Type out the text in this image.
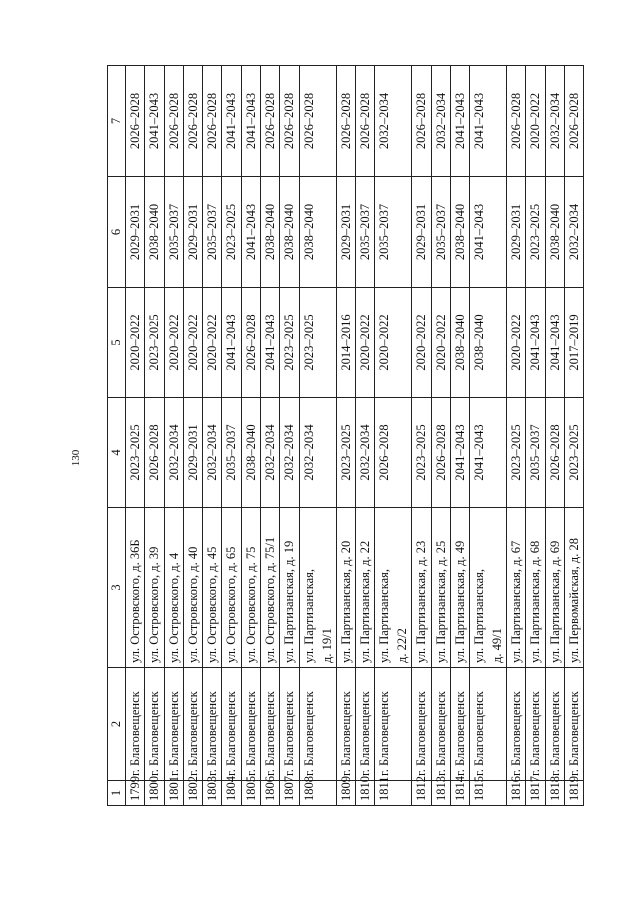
130
1	2	3	4	5	6	7
1799	г. Благовещенск	ул. Островского, д. 36Б	2023–2025	2020–2022	2029–2031	2026–2028
1800	г. Благовещенск	ул. Островского, д. 39	2026–2028	2023–2025	2038–2040	2041–2043
1801	г. Благовещенск	ул. Островского, д. 4	2032–2034	2020–2022	2035–2037	2026–2028
1802	г. Благовещенск	ул. Островского, д. 40	2029–2031	2020–2022	2029–2031	2026–2028
1803	г. Благовещенск	ул. Островского, д. 45	2032–2034	2020–2022	2035–2037	2026–2028
1804	г. Благовещенск	ул. Островского, д. 65	2035–2037	2041–2043	2023–2025	2041–2043
1805	г. Благовещенск	ул. Островского, д. 75	2038–2040	2026–2028	2041–2043	2041–2043
1806	г. Благовещенск	ул. Островского, д. 75/1	2032–2034	2041–2043	2038–2040	2026–2028
1807	г. Благовещенск	ул. Партизанская, д. 19	2032–2034	2023–2025	2038–2040	2026–2028
1808	г. Благовещенск	ул. Партизанская, д. 19/1	2032–2034	2023–2025	2038–2040	2026–2028
1809	г. Благовещенск	ул. Партизанская, д. 20	2023–2025	2014–2016	2029–2031	2026–2028
1810	г. Благовещенск	ул. Партизанская, д. 22	2032–2034	2020–2022	2035–2037	2026–2028
1811	г. Благовещенск	ул. Партизанская, д. 22/2	2026–2028	2020–2022	2035–2037	2032–2034
1812	г. Благовещенск	ул. Партизанская, д. 23	2023–2025	2020–2022	2029–2031	2026–2028
1813	г. Благовещенск	ул. Партизанская, д. 25	2026–2028	2020–2022	2035–2037	2032–2034
1814	г. Благовещенск	ул. Партизанская, д. 49	2041–2043	2038–2040	2038–2040	2041–2043
1815	г. Благовещенск	ул. Партизанская, д. 49/1	2041–2043	2038–2040	2041–2043	2041–2043
1816	г. Благовещенск	ул. Партизанская, д. 67	2023–2025	2020–2022	2029–2031	2026–2028
1817	г. Благовещенск	ул. Партизанская, д. 68	2035–2037	2041–2043	2023–2025	2020–2022
1818	г. Благовещенск	ул. Партизанская, д. 69	2026–2028	2041–2043	2038–2040	2032–2034
1819	г. Благовещенск	ул. Первомайская, д. 28	2023–2025	2017–2019	2032–2034	2026–2028
